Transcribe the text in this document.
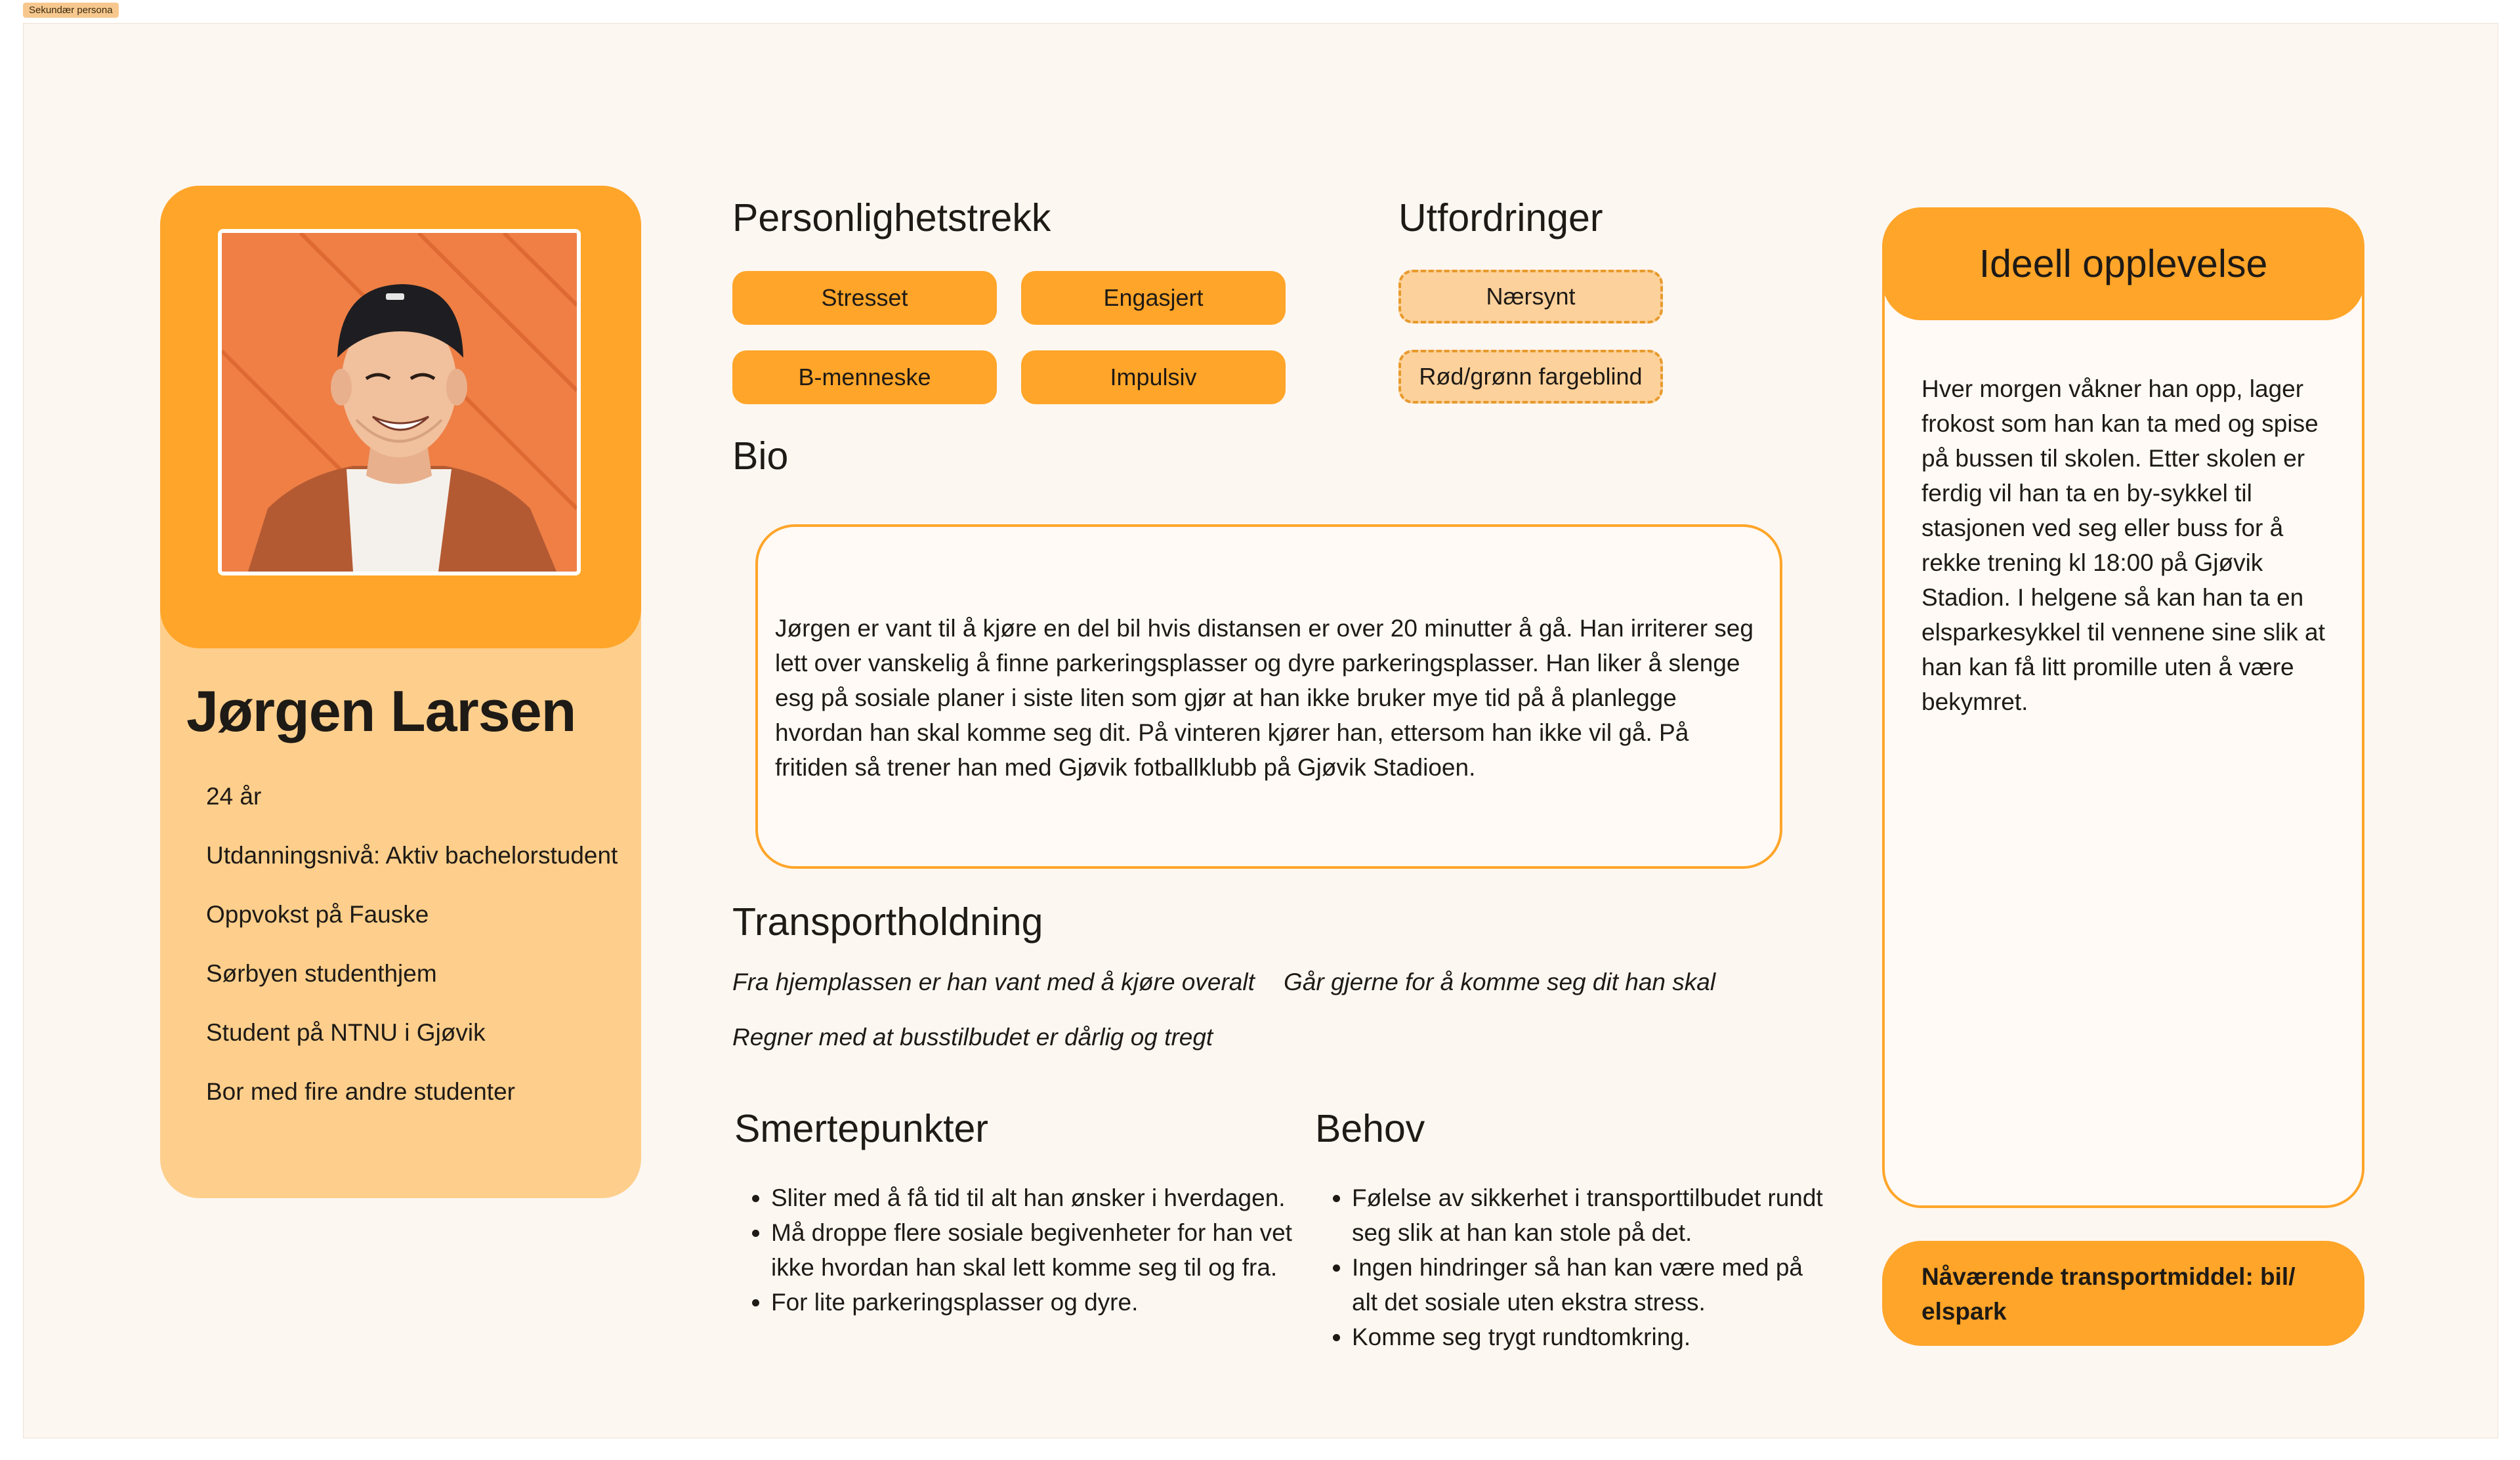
Sekundær persona
Jørgen Larsen
24 år
Utdanningsnivå: Aktiv bachelorstudent
Oppvokst på Fauske
Sørbyen studenthjem
Student på NTNU i Gjøvik
Bor med fire andre studenter
Personlighetstrekk
Stresset	Engasjert
B-menneske	Impulsiv
Utfordringer
Nærsynt
Rød/grønn fargeblind
Bio
Jørgen er vant til å kjøre en del bil hvis distansen er over 20 minutter å gå. Han irriterer seg lett over vanskelig å finne parkeringsplasser og dyre parkeringsplasser. Han liker å slenge esg på sosiale planer i siste liten som gjør at han ikke bruker mye tid på å planlegge hvordan han skal komme seg dit. På vinteren kjører han, ettersom han ikke vil gå. På fritiden så trener han med Gjøvik fotballklubb på Gjøvik Stadioen.
Transportholdning
Fra hjemplassen er han vant med å kjøre overalt Går gjerne for å komme seg dit han skal
Regner med at busstilbudet er dårlig og tregt
Smertepunkter
• Sliter med å få tid til alt han ønsker i hverdagen.
• Må droppe flere sosiale begivenheter for han vet ikke hvordan han skal lett komme seg til og fra.
• For lite parkeringsplasser og dyre.
Behov
• Følelse av sikkerhet i transporttilbudet rundt seg slik at han kan stole på det.
• Ingen hindringer så han kan være med på alt det sosiale uten ekstra stress.
• Komme seg trygt rundtomkring.
Ideell opplevelse
Hver morgen våkner han opp, lager frokost som han kan ta med og spise på bussen til skolen. Etter skolen er ferdig vil han ta en by-sykkel til stasjonen ved seg eller buss for å rekke trening kl 18:00 på Gjøvik Stadion. I helgene så kan han ta en elsparkesykkel til vennene sine slik at han kan få litt promille uten å være bekymret.
Nåværende transportmiddel: bil/ elspark
